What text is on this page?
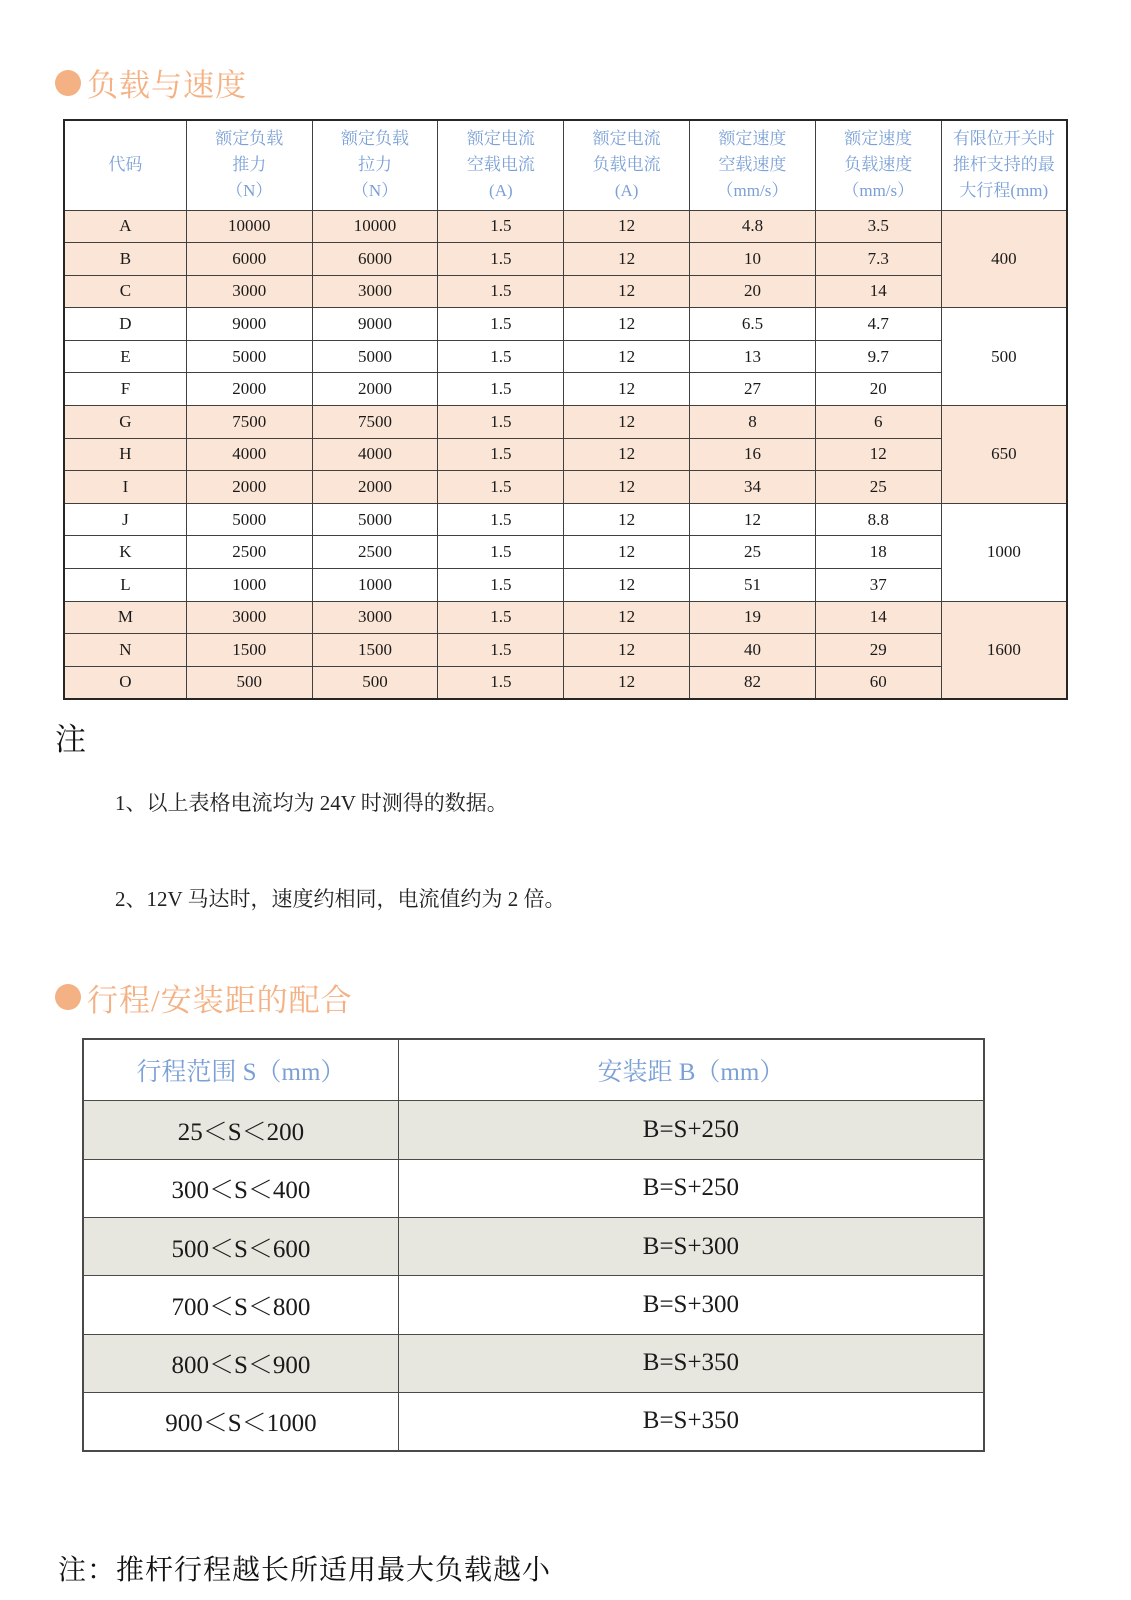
负载与速度
代码

额定负载
推力
（N）

额定负载
拉力
（N）

额定电流
空载电流
(A)

额定电流
负载电流
(A)

额定速度
空载速度
（mm/s）

额定速度
负载速度
（mm/s）

有限位开关时
推杆支持的最
大行程(mm)

A	10000	10000	1.5	12	4.8	3.5	400
B	6000	6000	1.5	12	10	7.3	
C	3000	3000	1.5	12	20	14	
D	9000	9000	1.5	12	6.5	4.7	500
E	5000	5000	1.5	12	13	9.7	
F	2000	2000	1.5	12	27	20	
G	7500	7500	1.5	12	8	6	650
H	4000	4000	1.5	12	16	12	
I	2000	2000	1.5	12	34	25	
J	5000	5000	1.5	12	12	8.8	1000
K	2500	2500	1.5	12	25	18	
L	1000	1000	1.5	12	51	37	
M	3000	3000	1.5	12	19	14	1600
N	1500	1500	1.5	12	40	29	
O	500	500	1.5	12	82	60	
注

1、以上表格电流均为 24V 时测得的数据。

2、12V 马达时，速度约相同，电流值约为 2 倍。

行程/安装距的配合
行程范围 S（mm）	安装距 B（mm）
25＜S＜200	B=S+250
300＜S＜400	B=S+250
500＜S＜600	B=S+300
700＜S＜800	B=S+300
800＜S＜900	B=S+350
900＜S＜1000	B=S+350
注：推杆行程越长所适用最大负载越小
